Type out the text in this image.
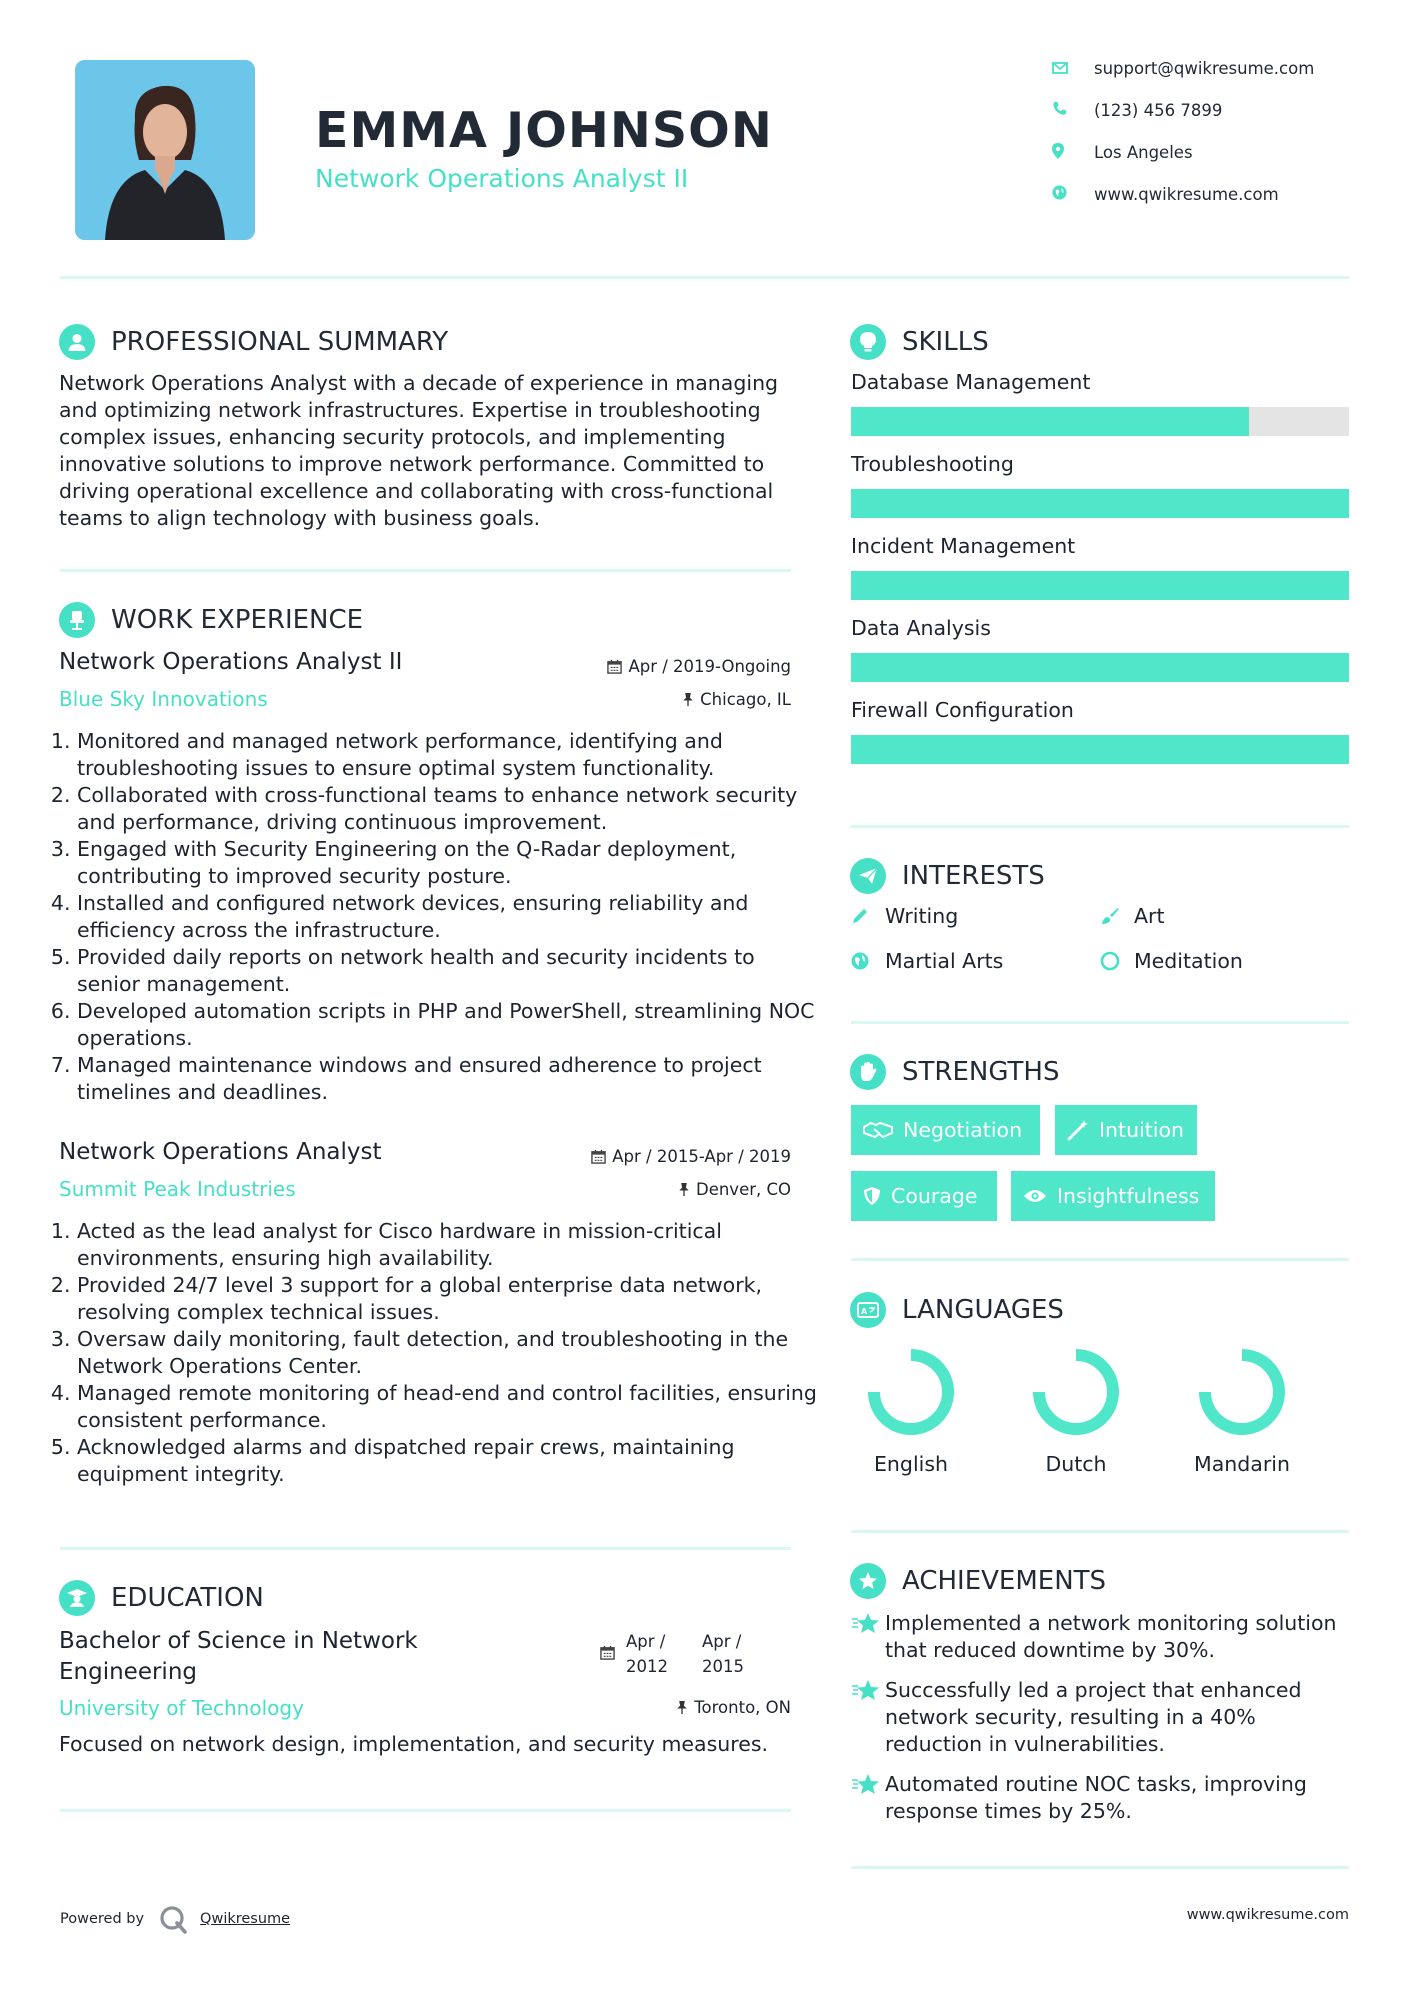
EMMA JOHNSON
Network Operations Analyst II
support@qwikresume.com
(123) 456 7899
Los Angeles
www.qwikresume.com
PROFESSIONAL SUMMARY
Network Operations Analyst with a decade of experience in managing and optimizing network infrastructures. Expertise in troubleshooting complex issues, enhancing security protocols, and implementing innovative solutions to improve network performance. Committed to driving operational excellence and collaborating with cross-functional teams to align technology with business goals.
WORK EXPERIENCE
Network Operations Analyst II	Apr / 2019-Ongoing
Blue Sky Innovations	Chicago, IL
1. Monitored and managed network performance, identifying and troubleshooting issues to ensure optimal system functionality.
2. Collaborated with cross-functional teams to enhance network security and performance, driving continuous improvement.
3. Engaged with Security Engineering on the Q-Radar deployment, contributing to improved security posture.
4. Installed and configured network devices, ensuring reliability and efficiency across the infrastructure.
5. Provided daily reports on network health and security incidents to senior management.
6. Developed automation scripts in PHP and PowerShell, streamlining NOC operations.
7. Managed maintenance windows and ensured adherence to project timelines and deadlines.
Network Operations Analyst	Apr / 2015-Apr / 2019
Summit Peak Industries	Denver, CO
1. Acted as the lead analyst for Cisco hardware in mission-critical environments, ensuring high availability.
2. Provided 24/7 level 3 support for a global enterprise data network, resolving complex technical issues.
3. Oversaw daily monitoring, fault detection, and troubleshooting in the Network Operations Center.
4. Managed remote monitoring of head-end and control facilities, ensuring consistent performance.
5. Acknowledged alarms and dispatched repair crews, maintaining equipment integrity.
EDUCATION
Bachelor of Science in Network Engineering
Apr / 2012
Apr / 2015
University of Technology	Toronto, ON
Focused on network design, implementation, and security measures.
SKILLS
Database Management
Troubleshooting
Incident Management
Data Analysis
Firewall Configuration
INTERESTS
Writing	Art
Martial Arts	Meditation
STRENGTHS
Negotiation	Intuition
Courage	Insightfulness
A LANGUAGES
English	Dutch	Mandarin
ACHIEVEMENTS
Implemented a network monitoring solution that reduced downtime by 30%.
Successfully led a project that enhanced network security, resulting in a 40% reduction in vulnerabilities.
Automated routine NOC tasks, improving response times by 25%.
Powered by	Qwikresume	www.qwikresume.com
